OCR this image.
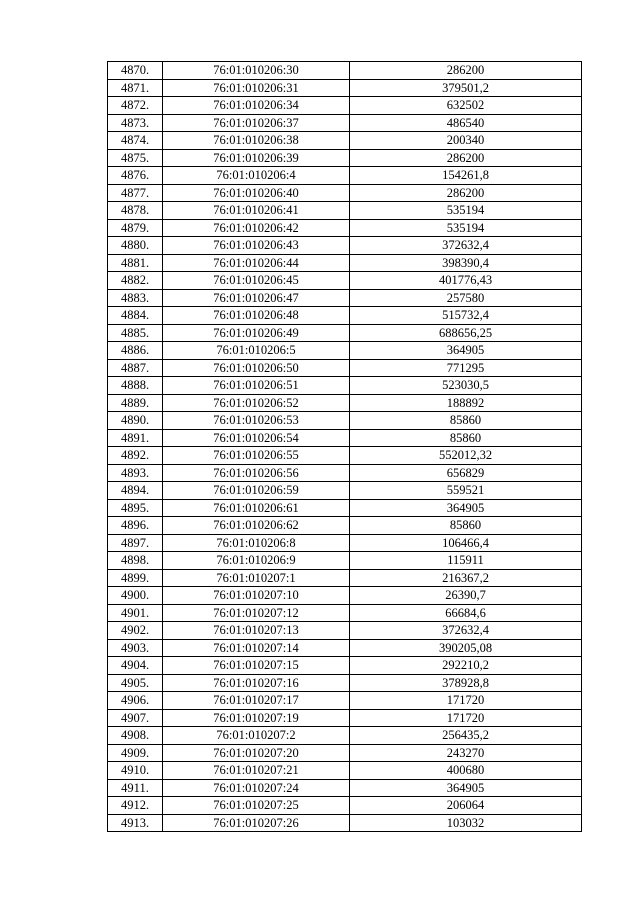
4870.	76:01:010206:30	286200
4871.	76:01:010206:31	379501,2
4872.	76:01:010206:34	632502
4873.	76:01:010206:37	486540
4874.	76:01:010206:38	200340
4875.	76:01:010206:39	286200
4876.	76:01:010206:4	154261,8
4877.	76:01:010206:40	286200
4878.	76:01:010206:41	535194
4879.	76:01:010206:42	535194
4880.	76:01:010206:43	372632,4
4881.	76:01:010206:44	398390,4
4882.	76:01:010206:45	401776,43
4883.	76:01:010206:47	257580
4884.	76:01:010206:48	515732,4
4885.	76:01:010206:49	688656,25
4886.	76:01:010206:5	364905
4887.	76:01:010206:50	771295
4888.	76:01:010206:51	523030,5
4889.	76:01:010206:52	188892
4890.	76:01:010206:53	85860
4891.	76:01:010206:54	85860
4892.	76:01:010206:55	552012,32
4893.	76:01:010206:56	656829
4894.	76:01:010206:59	559521
4895.	76:01:010206:61	364905
4896.	76:01:010206:62	85860
4897.	76:01:010206:8	106466,4
4898.	76:01:010206:9	115911
4899.	76:01:010207:1	216367,2
4900.	76:01:010207:10	26390,7
4901.	76:01:010207:12	66684,6
4902.	76:01:010207:13	372632,4
4903.	76:01:010207:14	390205,08
4904.	76:01:010207:15	292210,2
4905.	76:01:010207:16	378928,8
4906.	76:01:010207:17	171720
4907.	76:01:010207:19	171720
4908.	76:01:010207:2	256435,2
4909.	76:01:010207:20	243270
4910.	76:01:010207:21	400680
4911.	76:01:010207:24	364905
4912.	76:01:010207:25	206064
4913.	76:01:010207:26	103032
